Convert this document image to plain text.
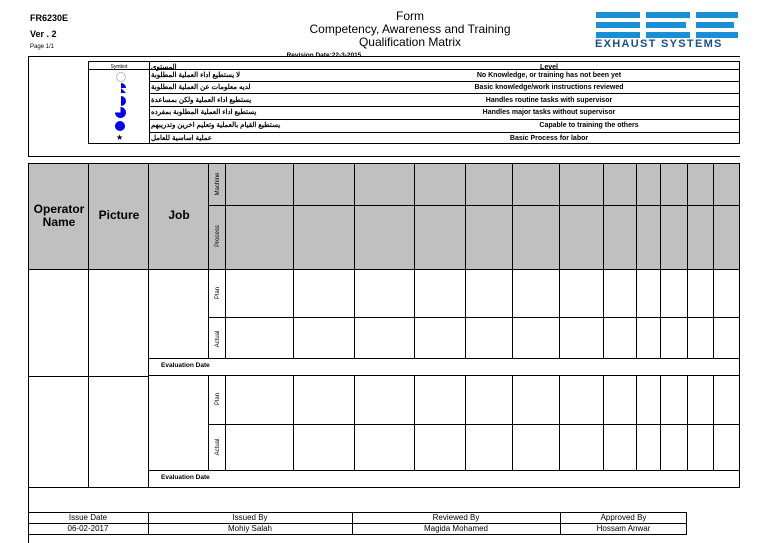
FR6230E
Ver . 2
Page 1/1
Form
Competency, Awareness and Training
Qualification Matrix	EXHAUST SYSTEMS
Revision Date:22-3-2015
Symbot	المستوى	Level
لا يستطيع اداء العملية المطلوبة	No Knowledge, or training has not been yet
لديه معلومات عن العملية المطلوبة	Basic knowledge/work instructions reviewed
يستطيع اداء العملية ولكن بمساعدة	Handles routine tasks with supervisor
يستطيع اداء العملية المطلوبة بمفرده	Handles major tasks without supervisor
يستطيع القيام بالعملية وتعليم اخرين وتدريبهم	Capable to training the others
★	عملية اساسية للعامل	Basic Process for labor
Operator Name	Picture	Job
Machine
Process
Plan
Actual
Evaluation Date
Plan
Actual
Evaluation Date
Issue Date	Issued By	Reviewed By	Approved By
06-02-2017	Mohiy Salah	Magida Mohamed	Hossam Anwar
